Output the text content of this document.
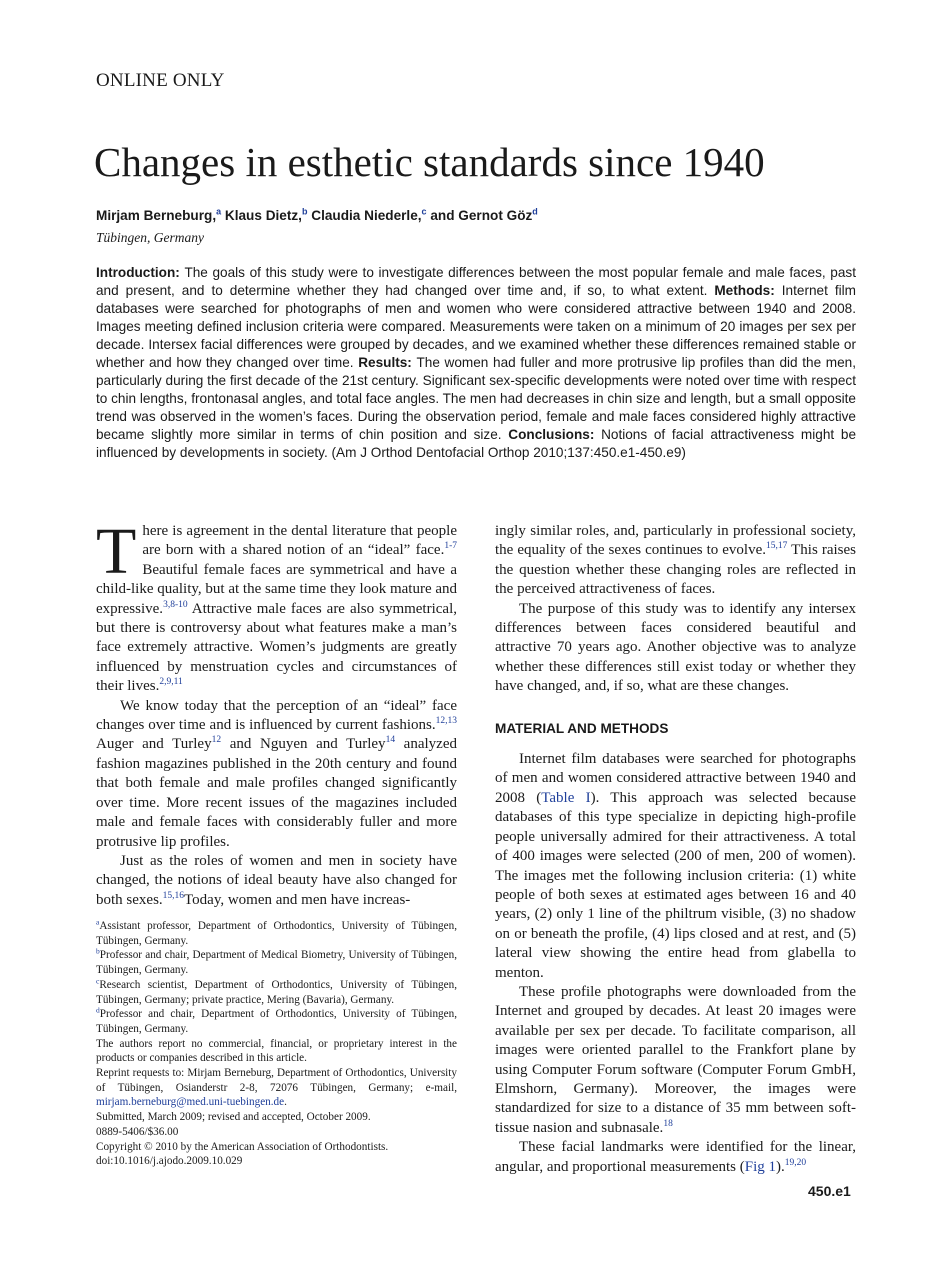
ONLINE ONLY
Changes in esthetic standards since 1940
Mirjam Berneburg,$^a$ Klaus Dietz,$^b$ Claudia Niederle,$^c$ and Gernot Göz$^d$
Tübingen, Germany
Introduction: The goals of this study were to investigate differences between the most popular female and male faces, past and present, and to determine whether they had changed over time and, if so, to what extent. Methods: Internet film databases were searched for photographs of men and women who were considered attractive between 1940 and 2008. Images meeting defined inclusion criteria were compared. Measurements were taken on a minimum of 20 images per sex per decade. Intersex facial differences were grouped by decades, and we examined whether these differences remained stable or whether and how they changed over time. Results: The women had fuller and more protrusive lip profiles than did the men, particularly during the first decade of the 21st century. Significant sex-specific developments were noted over time with respect to chin lengths, frontonasal angles, and total face angles. The men had decreases in chin size and length, but a small opposite trend was observed in the women’s faces. During the observation period, female and male faces considered highly attractive became slightly more similar in terms of chin position and size. Conclusions: Notions of facial attractiveness might be influenced by developments in society. (Am J Orthod Dentofacial Orthop 2010;137:450.e1-450.e9)
T here is agreement in the dental literature that people are born with a shared notion of an “ideal” face.$^{1-7}$ Beautiful female faces are symmetrical and have a child-like quality, but at the same time they look mature and expressive.$^{3,8-10}$ Attractive male faces are also symmetrical, but there is controversy about what features make a man’s face extremely attractive. Women’s judgments are greatly influenced by menstruation cycles and circumstances of their lives.$^{2,9,11}$

We know today that the perception of an “ideal” face changes over time and is influenced by current fashions.$^{12,13}$ Auger and Turley$^{12}$ and Nguyen and Turley$^{14}$ analyzed fashion magazines published in the 20th century and found that both female and male profiles changed significantly over time. More recent issues of the magazines included male and female faces with considerably fuller and more protrusive lip profiles.

Just as the roles of women and men in society have changed, the notions of ideal beauty have also changed for both sexes.$^{15,16}$Today, women and men have increas-

ingly similar roles, and, particularly in professional society, the equality of the sexes continues to evolve.$^{15,17}$ This raises the question whether these changing roles are reflected in the perceived attractiveness of faces.

The purpose of this study was to identify any intersex differences between faces considered beautiful and attractive 70 years ago. Another objective was to analyze whether these differences still exist today or whether they have changed, and, if so, what are these changes.

MATERIAL AND METHODS

Internet film databases were searched for photographs of men and women considered attractive between 1940 and 2008 (Table I). This approach was selected because databases of this type specialize in depicting high-profile people universally admired for their attractiveness. A total of 400 images were selected (200 of men, 200 of women). The images met the following inclusion criteria: (1) white people of both sexes at estimated ages between 16 and 40 years, (2) only 1 line of the philtrum visible, (3) no shadow on or beneath the profile, (4) lips closed and at rest, and (5) lateral view showing the entire head from glabella to menton.

These profile photographs were downloaded from the Internet and grouped by decades. At least 20 images were available per sex per decade. To facilitate comparison, all images were oriented parallel to the Frankfort plane by using Computer Forum software (Computer Forum GmbH, Elmshorn, Germany). Moreover, the images were standardized for size to a distance of 35 mm between soft-tissue nasion and subnasale.$^{18}$

These facial landmarks were identified for the linear, angular, and proportional measurements (Fig 1).$^{19,20}$

$^a$Assistant professor, Department of Orthodontics, University of Tübingen, Tübingen, Germany.
$^b$Professor and chair, Department of Medical Biometry, University of Tübingen, Tübingen, Germany.
$^c$Research scientist, Department of Orthodontics, University of Tübingen, Tübingen, Germany; private practice, Mering (Bavaria), Germany.
$^d$Professor and chair, Department of Orthodontics, University of Tübingen, Tübingen, Germany.
The authors report no commercial, financial, or proprietary interest in the products or companies described in this article.
Reprint requests to: Mirjam Berneburg, Department of Orthodontics, University of Tübingen, Osianderstr 2-8, 72076 Tübingen, Germany; e-mail, mirjam.berneburg@med.uni-tuebingen.de.
Submitted, March 2009; revised and accepted, October 2009.
0889-5406/$36.00
Copyright © 2010 by the American Association of Orthodontists.
doi:10.1016/j.ajodo.2009.10.029
450.e1
